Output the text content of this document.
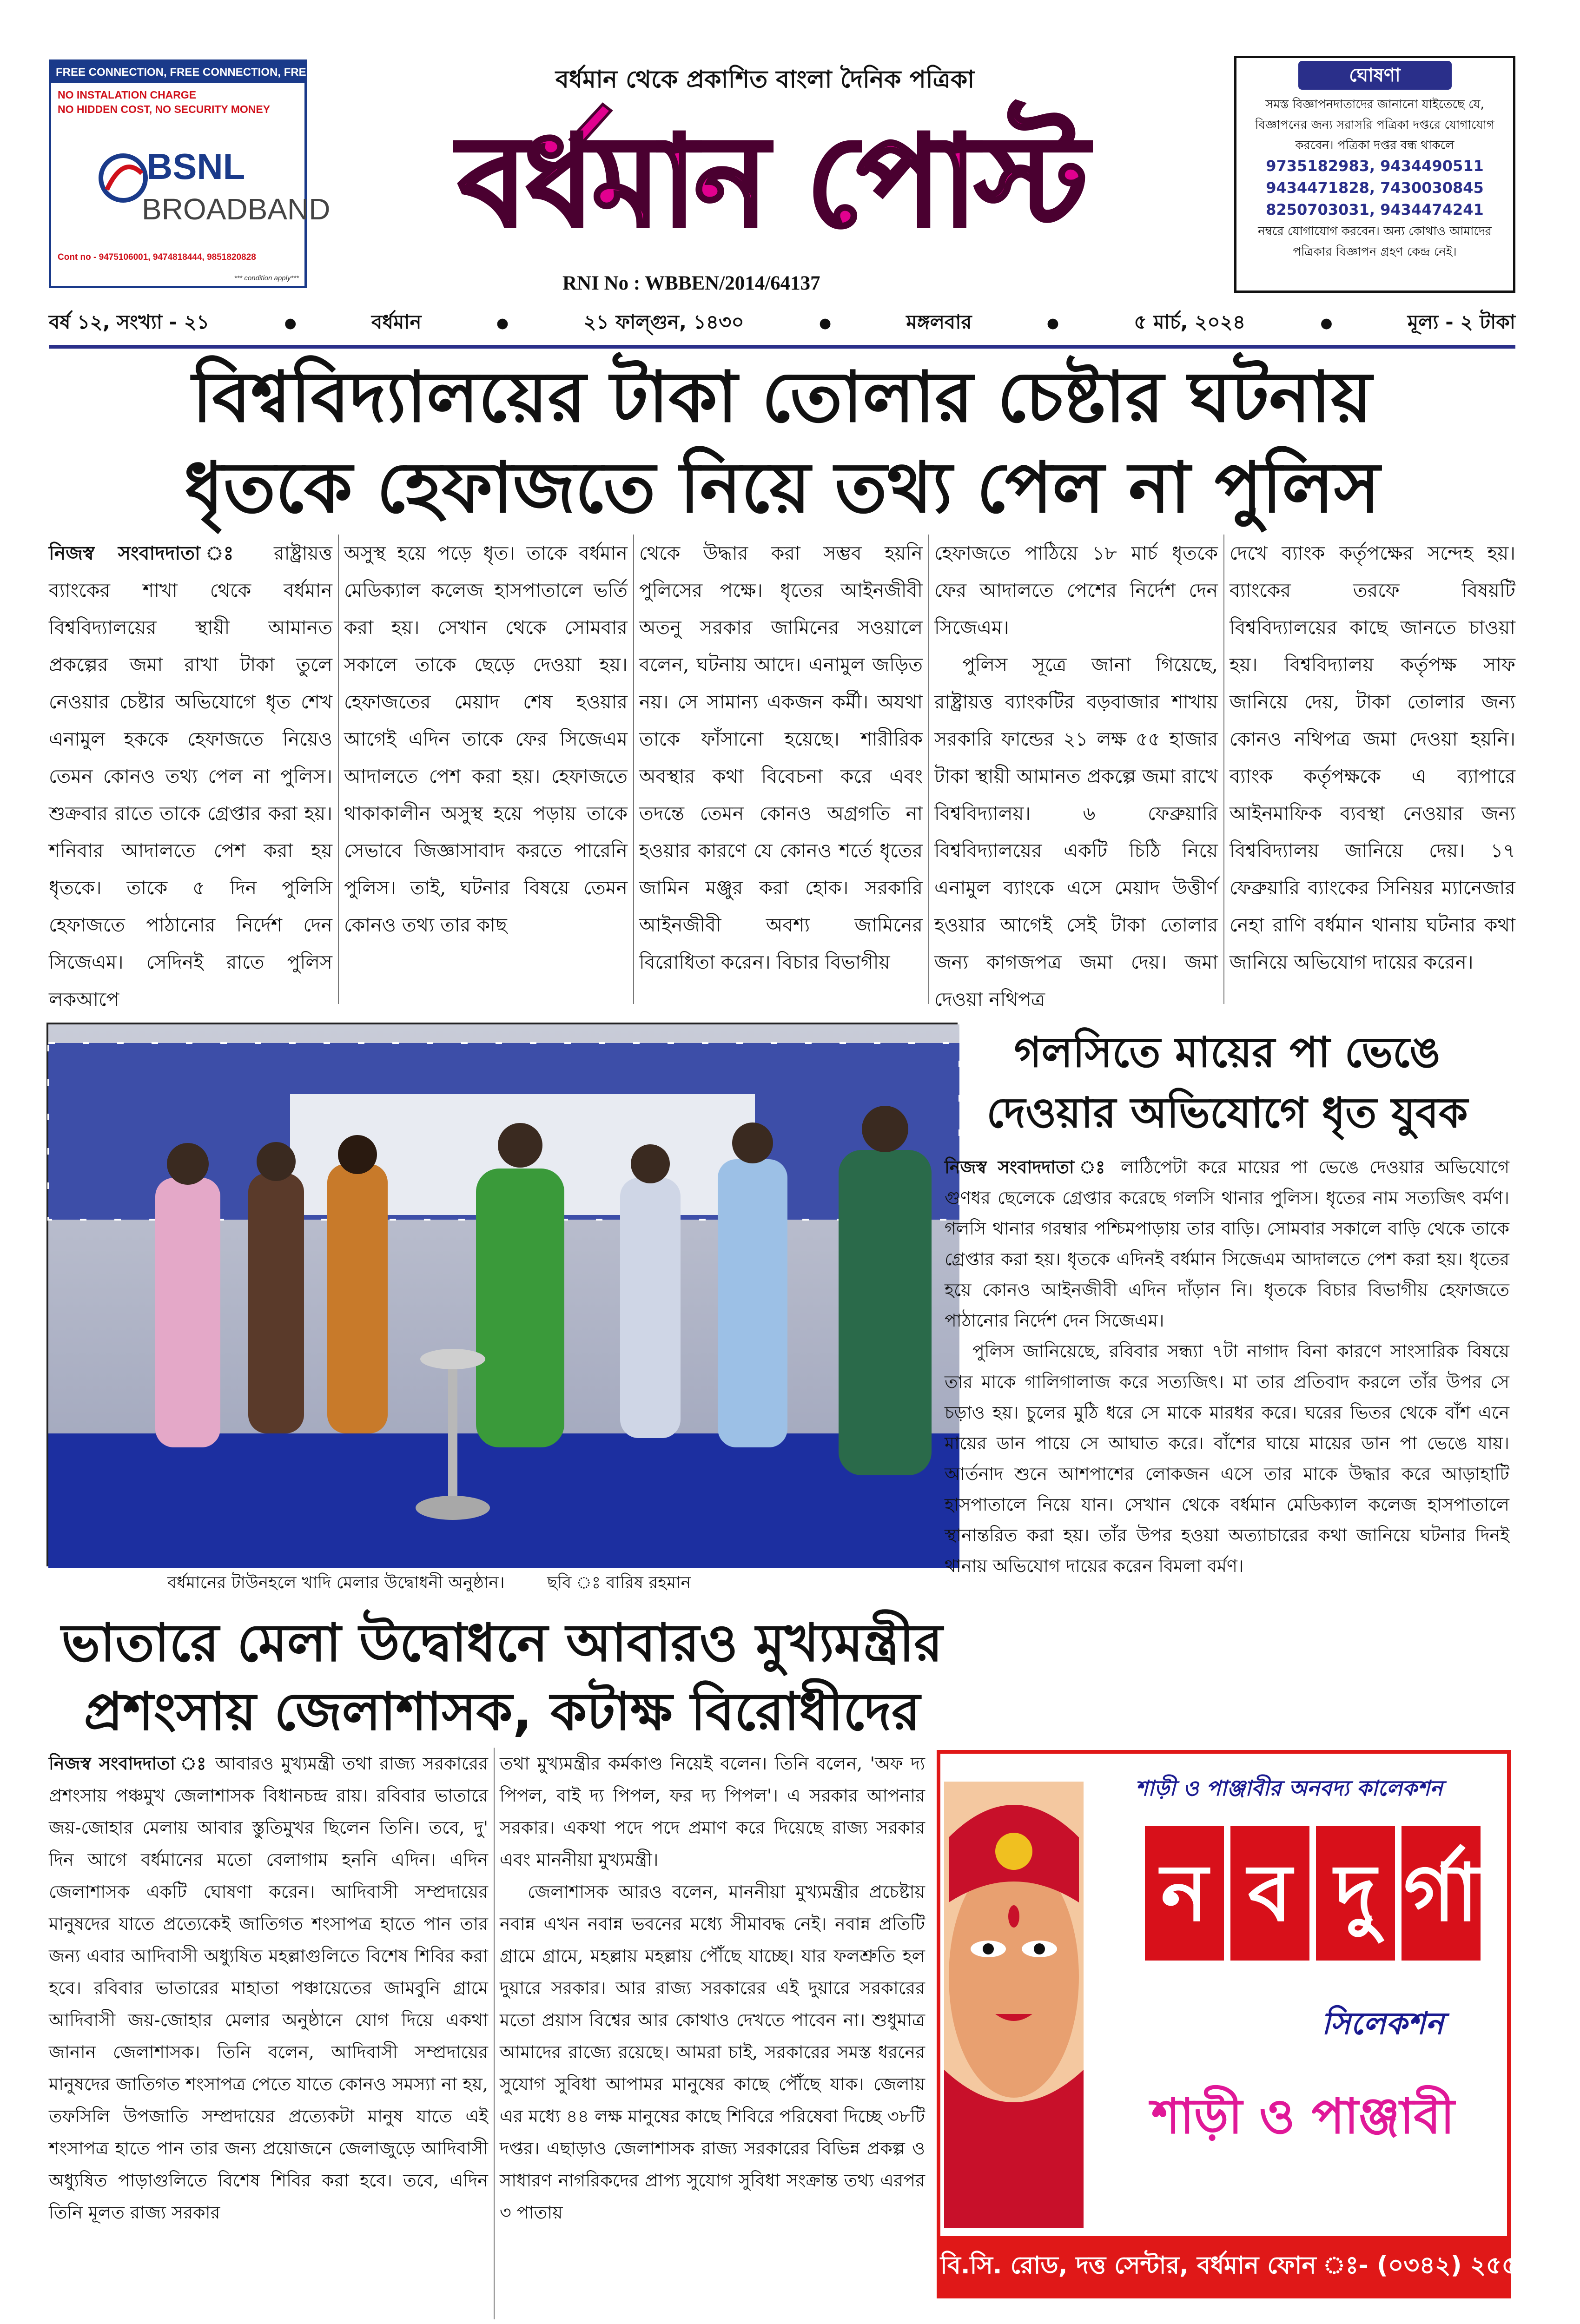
FREE CONNECTION, FREE CONNECTION, FREE CONNECTION
NO INSTALATION CHARGE
NO HIDDEN COST, NO SECURITY MONEY
BSNL
BROADBAND
Cont no - 9475106001, 9474818444, 9851820828
*** condition apply***
বর্ধমান থেকে প্রকাশিত বাংলা দৈনিক পত্রিকা
বর্ধমান পোস্ট
RNI No : WBBEN/2014/64137
ঘোষণা
সমস্ত বিজ্ঞাপনদাতাদের জানানো যাইতেছে যে, বিজ্ঞাপনের জন্য সরাসরি পত্রিকা দপ্তরে যোগাযোগ করবেন। পত্রিকা দপ্তর বন্ধ থাকলে
9735182983, 9434490511
9434471828, 7430030845
8250703031, 9434474241
নম্বরে যোগাযোগ করবেন। অন্য কোথাও আমাদের পত্রিকার বিজ্ঞাপন গ্রহণ কেন্দ্র নেই।
বর্ষ ১২, সংখ্যা - ২১	●	বর্ধমান	●	২১ ফাল্গুন, ১৪৩০	●	মঙ্গলবার	●	৫ মার্চ, ২০২৪	●	মূল্য - ২ টাকা
বিশ্ববিদ্যালয়ের টাকা তোলার চেষ্টার ঘটনায়
ধৃতকে হেফাজতে নিয়ে তথ্য পেল না পুলিস
নিজস্ব সংবাদদাতা ঃ রাষ্ট্রায়ত্ত ব্যাংকের শাখা থেকে বর্ধমান বিশ্ববিদ্যালয়ের স্থায়ী আমানত প্রকল্পের জমা রাখা টাকা তুলে নেওয়ার চেষ্টার অভিযোগে ধৃত শেখ এনামুল হককে হেফাজতে নিয়েও তেমন কোনও তথ্য পেল না পুলিস। শুক্রবার রাতে তাকে গ্রেপ্তার করা হয়। শনিবার আদালতে পেশ করা হয় ধৃতকে। তাকে ৫ দিন পুলিসি হেফাজতে পাঠানোর নির্দেশ দেন সিজেএম। সেদিনই রাতে পুলিস লকআপে
অসুস্থ হয়ে পড়ে ধৃত। তাকে বর্ধমান মেডিক্যাল কলেজ হাসপাতালে ভর্তি করা হয়। সেখান থেকে সোমবার সকালে তাকে ছেড়ে দেওয়া হয়। হেফাজতের মেয়াদ শেষ হওয়ার আগেই এদিন তাকে ফের সিজেএম আদালতে পেশ করা হয়। হেফাজতে থাকাকালীন অসুস্থ হয়ে পড়ায় তাকে সেভাবে জিজ্ঞাসাবাদ করতে পারেনি পুলিস। তাই, ঘটনার বিষয়ে তেমন কোনও তথ্য তার কাছ
থেকে উদ্ধার করা সম্ভব হয়নি পুলিসের পক্ষে। ধৃতের আইনজীবী অতনু সরকার জামিনের সওয়ালে বলেন, ঘটনায় আদে। এনামুল জড়িত নয়। সে সামান্য একজন কর্মী। অযথা তাকে ফাঁসানো হয়েছে। শারীরিক অবস্থার কথা বিবেচনা করে এবং তদন্তে তেমন কোনও অগ্রগতি না হওয়ার কারণে যে কোনও শর্তে ধৃতের জামিন মঞ্জুর করা হোক। সরকারি আইনজীবী অবশ্য জামিনের বিরোধিতা করেন। বিচার বিভাগীয়

হেফাজতে পাঠিয়ে ১৮ মার্চ ধৃতকে ফের আদালতে পেশের নির্দেশ দেন সিজেএম।

পুলিস সূত্রে জানা গিয়েছে, রাষ্ট্রায়ত্ত ব্যাংকটির বড়বাজার শাখায় সরকারি ফান্ডের ২১ লক্ষ ৫৫ হাজার টাকা স্থায়ী আমানত প্রকল্পে জমা রাখে বিশ্ববিদ্যালয়। ৬ ফেব্রুয়ারি বিশ্ববিদ্যালয়ের একটি চিঠি নিয়ে এনামুল ব্যাংকে এসে মেয়াদ উত্তীর্ণ হওয়ার আগেই সেই টাকা তোলার জন্য কাগজপত্র জমা দেয়। জমা দেওয়া নথিপত্র

দেখে ব্যাংক কর্তৃপক্ষের সন্দেহ হয়। ব্যাংকের তরফে বিষয়টি বিশ্ববিদ্যালয়ের কাছে জানতে চাওয়া হয়। বিশ্ববিদ্যালয় কর্তৃপক্ষ সাফ জানিয়ে দেয়, টাকা তোলার জন্য কোনও নথিপত্র জমা দেওয়া হয়নি। ব্যাংক কর্তৃপক্ষকে এ ব্যাপারে আইনমাফিক ব্যবস্থা নেওয়ার জন্য বিশ্ববিদ্যালয় জানিয়ে দেয়। ১৭ ফেব্রুয়ারি ব্যাংকের সিনিয়র ম্যানেজার নেহা রাণি বর্ধমান থানায় ঘটনার কথা জানিয়ে অভিযোগ দায়ের করেন।
বর্ধমানের টাউনহলে খাদি মেলার উদ্বোধনী অনুষ্ঠান।	ছবি ঃ বারিষ রহমান
গলসিতে মায়ের পা ভেঙে
দেওয়ার অভিযোগে ধৃত যুবক

নিজস্ব সংবাদদাতা ঃ লাঠিপেটা করে মায়ের পা ভেঙে দেওয়ার অভিযোগে গুণধর ছেলেকে গ্রেপ্তার করেছে গলসি থানার পুলিস। ধৃতের নাম সত্যজিৎ বর্মণ। গলসি থানার গরম্বার পশ্চিমপাড়ায় তার বাড়ি। সোমবার সকালে বাড়ি থেকে তাকে গ্রেপ্তার করা হয়। ধৃতকে এদিনই বর্ধমান সিজেএম আদালতে পেশ করা হয়। ধৃতের হয়ে কোনও আইনজীবী এদিন দাঁড়ান নি। ধৃতকে বিচার বিভাগীয় হেফাজতে পাঠানোর নির্দেশ দেন সিজেএম।

পুলিস জানিয়েছে, রবিবার সন্ধ্যা ৭টা নাগাদ বিনা কারণে সাংসারিক বিষয়ে তার মাকে গালিগালাজ করে সত্যজিৎ। মা তার প্রতিবাদ করলে তাঁর উপর সে চড়াও হয়। চুলের মুঠি ধরে সে মাকে মারধর করে। ঘরের ভিতর থেকে বাঁশ এনে মায়ের ডান পায়ে সে আঘাত করে। বাঁশের ঘায়ে মায়ের ডান পা ভেঙে যায়। আর্তনাদ শুনে আশপাশের লোকজন এসে তার মাকে উদ্ধার করে আড়াহাটি হাসপাতালে নিয়ে যান। সেখান থেকে বর্ধমান মেডিক্যাল কলেজ হাসপাতালে স্থানান্তরিত করা হয়। তাঁর উপর হওয়া অত্যাচারের কথা জানিয়ে ঘটনার দিনই থানায় অভিযোগ দায়ের করেন বিমলা বর্মণ।

ভাতারে মেলা উদ্বোধনে আবারও মুখ্যমন্ত্রীর
প্রশংসায় জেলাশাসক, কটাক্ষ বিরোধীদের
নিজস্ব সংবাদদাতা ঃ আবারও মুখ্যমন্ত্রী তথা রাজ্য সরকারের প্রশংসায় পঞ্চমুখ জেলাশাসক বিধানচন্দ্র রায়। রবিবার ভাতারে জয়-জোহার মেলায় আবার স্তুতিমুখর ছিলেন তিনি। তবে, দু' দিন আগে বর্ধমানের মতো বেলাগাম হননি এদিন। এদিন জেলাশাসক একটি ঘোষণা করেন। আদিবাসী সম্প্রদায়ের মানুষদের যাতে প্রত্যেকেই জাতিগত শংসাপত্র হাতে পান তার জন্য এবার আদিবাসী অধ্যুষিত মহল্লাগুলিতে বিশেষ শিবির করা হবে। রবিবার ভাতারের মাহাতা পঞ্চায়েতের জামবুনি গ্রামে আদিবাসী জয়-জোহার মেলার অনুষ্ঠানে যোগ দিয়ে একথা জানান জেলাশাসক। তিনি বলেন, আদিবাসী সম্প্রদায়ের মানুষদের জাতিগত শংসাপত্র পেতে যাতে কোনও সমস্যা না হয়, তফসিলি উপজাতি সম্প্রদায়ের প্রত্যেকটা মানুষ যাতে এই শংসাপত্র হাতে পান তার জন্য প্রয়োজনে জেলাজুড়ে আদিবাসী অধ্যুষিত পাড়াগুলিতে বিশেষ শিবির করা হবে। তবে, এদিন তিনি মূলত রাজ্য সরকার

তথা মুখ্যমন্ত্রীর কর্মকাণ্ড নিয়েই বলেন। তিনি বলেন, 'অফ দ্য পিপল, বাই দ্য পিপল, ফর দ্য পিপল'। এ সরকার আপনার সরকার। একথা পদে পদে প্রমাণ করে দিয়েছে রাজ্য সরকার এবং মাননীয়া মুখ্যমন্ত্রী।

জেলাশাসক আরও বলেন, মাননীয়া মুখ্যমন্ত্রীর প্রচেষ্টায় নবান্ন এখন নবান্ন ভবনের মধ্যে সীমাবদ্ধ নেই। নবান্ন প্রতিটি গ্রামে গ্রামে, মহল্লায় মহল্লায় পৌঁছে যাচ্ছে। যার ফলশ্রুতি হল দুয়ারে সরকার। আর রাজ্য সরকারের এই দুয়ারে সরকারের মতো প্রয়াস বিশ্বের আর কোথাও দেখতে পাবেন না। শুধুমাত্র আমাদের রাজ্যে রয়েছে। আমরা চাই, সরকারের সমস্ত ধরনের সুযোগ সুবিধা আপামর মানুষের কাছে পৌঁছে যাক। জেলায় এর মধ্যে ৪৪ লক্ষ মানুষের কাছে শিবিরে পরিষেবা দিচ্ছে ৩৮টি দপ্তর। এছাড়াও জেলাশাসক রাজ্য সরকারের বিভিন্ন প্রকল্প ও সাধারণ নাগরিকদের প্রাপ্য সুযোগ সুবিধা সংক্রান্ত তথ্য এরপর ৩ পাতায়

শাড়ী ও পাঞ্জাবীর অনবদ্য কালেকশন
ন ব দু র্গা
সিলেকশন
শাড়ী ও পাঞ্জাবী
বি.সি. রোড, দত্ত সেন্টার, বর্ধমান ফোন ঃ- (০৩৪২) ২৫৫০২২৮
